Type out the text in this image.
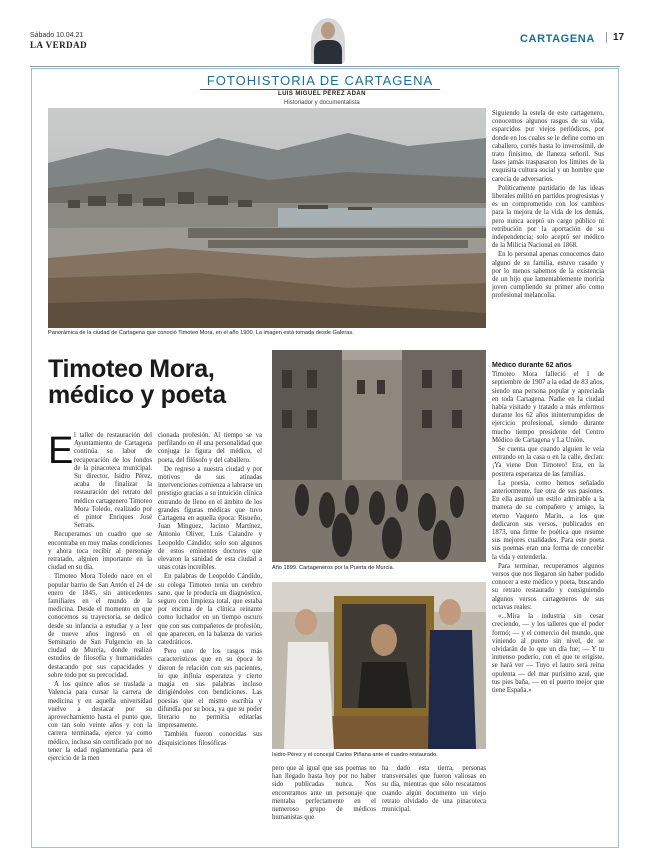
Sábado 10.04.21
LA VERDAD	CARTAGENA	17
FOTOHISTORIA DE CARTAGENA
LUIS MIGUEL PÉREZ ADÁN
Historiador y documentalista
Panorámica de la ciudad de Cartagena que conoció Timoteo Mora, en el año 1900. La imagen está tomada desde Galeras.
Timoteo Mora,
médico y poeta
E l taller de restauración del Ayuntamiento de Cartagena continúa su labor de recuperación de los fondos de la pinacoteca municipal. Su director, Isidro Pérez, acaba de finalizar la restauración del retrato del médico cartagenero Timoteo Mora Toledo, realizado por el pintor Enriques José Serrats.

Recuperamos un cuadro que se encontraba en muy malas condiciones y ahora toca recibir al personaje retratado, alguien importante en la ciudad en su día.

Timoteo Mora Toledo nace en el popular barrio de San Antón el 24 de enero de 1845, sin antecedentes familiares en el mundo de la medicina. Desde el momento en que conocemos su trayectoria, se dedicó desde su infancia a estudiar y a leer de nueve años ingresó en el Seminario de San Fulgencio en la ciudad de Murcia, donde realizó estudios de filosofía y humanidades destacando por sus capacidades y sobre todo por su precocidad.

A los quince años se traslada a Valencia para cursar la carrera de medicina y en aquella universidad vuelve a destacar por su aprovechamiento hasta el punto que, con tan solo veinte años y con la carrera terminada, ejerce ya como médico, incluso sin certificado por no tener la edad reglamentaria para el ejercicio de la men

cionada profesión. Al tiempo se va perfilando en él una personalidad que conjuga la figura del médico, el poeta, del filósofo y del caballero.

De regreso a nuestra ciudad y por motivos de sus atinadas intervenciones comienza a labrarse un prestigio gracias a su intuición clínica entrando de lleno en el ámbito de los grandes figuras médicas que tuvo Cartagena en aquella época: Risueño, Juan Minguez, Jacinto Martínez, Antonio Oliver, Luis Calandre y Leopoldo Cándido; solo son algunos de estos eminentes doctores que elevaron la sanidad de esta ciudad a unas cotas increíbles.

En palabras de Leopoldo Cándido, su colega Timoteo tenía un cerebro sano, que le producía un diagnóstico, seguro con limpieza total, que estaba por encima de la clínica reinante como luchador en un tiempo oscuro que con sus compañeros de profesión, que aparecen, en la balanza de varios catedráticos.

Pero uno de los rasgos más característicos que en su época le dieron fe relación con sus pacientes, lo que influía esperanza y cierto magia en sus palabras incluso dirigiéndoles con bendiciones. Las poesías que el mismo escribía y difundía por su boca, ya que su poder literario no permitía editarlas impresamente.

También fueron conocidas sus disquisiciones filosóficas

Año 1899. Cartageneros por la Puerta de Murcia.
Isidro Pérez y el concejal Carlos Piñana ante el cuadro restaurado.

pero que al igual que sus poemas no han llegado hasta hoy por no haber sido publicadas nunca. Nos encontramos ante un personaje que mentaba perfectamente en el numeroso grupo de médicos humanistas que

ha dado esta tierra, personas transversales que fueron valiosas en su día, mientras que sólo rescatamos cuando algún documento un viejo retrato olvidado de una pinacoteca municipal.

Siguiendo la estela de este cartagenero, conocemos algunos rasgos de su vida, esparcidos por viejos periódicos, por donde en los cuales se le define como un caballero, cortés hasta lo inverosímil, de trato finísimo, de llaneza señoril. Sus fases jamás traspasaron los límites de la exquisita cultura social y un hombre que carecía de adversarios.

Políticamente partidario de las ideas liberales militó en partidos progresistas y es un comprometido con los cambios para la mejora de la vida de los demás, pero nunca aceptó un cargo público ni retribución por la aportación de su independencia; solo aceptó ser médico de la Milicia Nacional en 1868.

En lo personal apenas conocemos dato alguno de su familia, estuvo casado y por lo menos sabemos de la existencia de un hijo que lamentablemente moriría joven cumpliendo su primer año como profesional melancolía.

Médico durante 62 años

Timoteo Mora falleció el 1 de septiembre de 1907 a la edad de 83 años, siendo una persona popular y apreciada en toda Cartagena. Nadie en la ciudad había visitado y tratado a más enfermos durante los 62 años ininterrumpidos de ejercicio profesional, siendo durante mucho tiempo presidente del Centro Médico de Cartagena y La Unión.

Se cuenta que cuando alguien le veía entrando en la casa o en la calle, decían: ¡Ya viene Don Timoteo! Era, en la postrera esperanza de las familias.

La poesía, como hemos señalado anteriormente, fue otra de sus pasiones. En ella asumió un estilo admirable a la manera de su compañero y amigo, la eterno Vaquero Marín, a los que dedicaron sus versos, publicados en 1873, una firme fe poética que resume sus mejores cualidades. Para este poeta sus poemas eran una forma de concebir la vida y entenderla.

Para terminar, recuperamos algunos versos que nos llegaron sin haber podido conocer a este médico y poeta, buscando su retrato restaurado y consiguiendo algunos versos cartageneros de sus octavas reales:

«...Mira la industria sin cesar creciendo, — y los talleres que el poder formó; — y el comercio del mundo, que viniendo al puerto sin nivel, de se olvidarán de lo que un día fue; — Y tu inmenso poderío, con el que te erigiste, se hará ver — Tuyo el lauro será reina opulenta — del mar purísimo azul, que tus pies baña, — en el puerto mejor que tiene España.»
